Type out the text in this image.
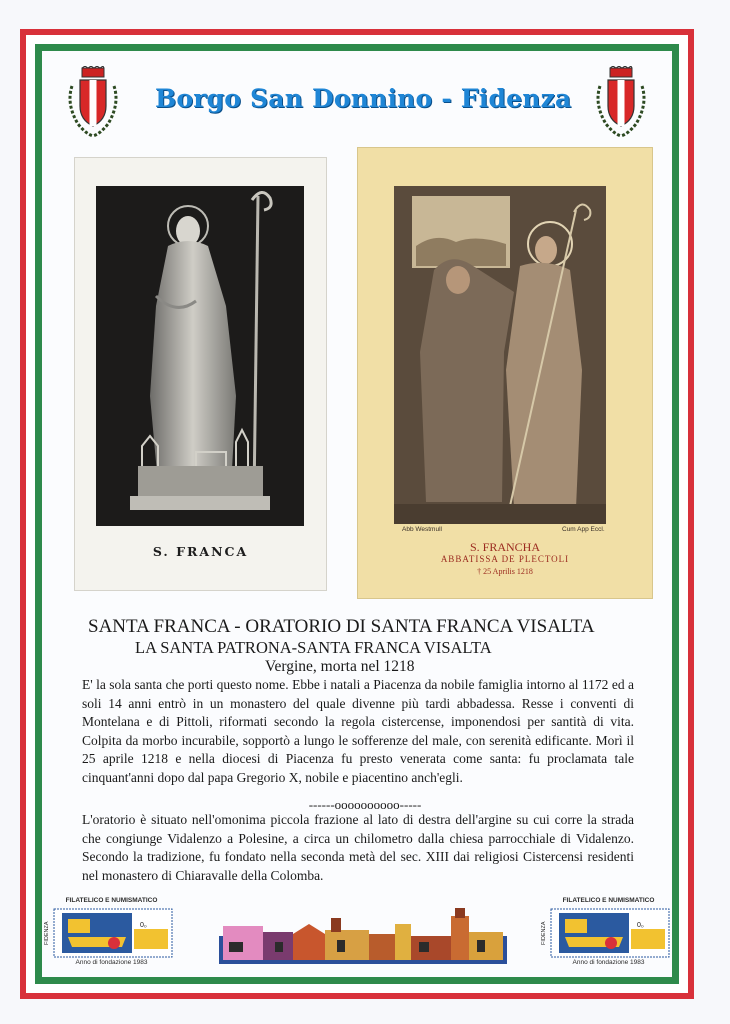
Borgo San Donnino - Fidenza
S. FRANCA
Abb Westmull	Cum App Eccl.
S. FRANCHA
ABBATISSA DE PLECTOLI
† 25 Aprilis 1218
SANTA FRANCA - ORATORIO DI SANTA FRANCA VISALTA
LA SANTA PATRONA-SANTA FRANCA VISALTA
Vergine, morta nel 1218
E' la sola santa che porti questo nome. Ebbe i natali a Piacenza da nobile famiglia intorno al 1172 ed a soli 14 anni entrò in un monastero del quale divenne più tardi abbadessa. Resse i conventi di Montelana e di Pittoli, riformati secondo la regola cistercense, imponendosi per santità di vita. Colpita da morbo incurabile, sopportò a lungo le sofferenze del male, con serenità edificante. Morì il 25 aprile 1218 e nella diocesi di Piacenza fu presto venerata come santa: fu proclamata tale cinquant'anni dopo dal papa Gregorio X, nobile e piacentino anch'egli.
------oooooooooo-----
L'oratorio è situato nell'omonima piccola frazione al lato di destra dell'argine su cui corre la strada che congiunge Vidalenzo a Polesine, a circa un chilometro dalla chiesa parrocchiale di Vidalenzo. Secondo la tradizione, fu fondato nella seconda metà del sec. XIII dai religiosi Cistercensi residenti nel monastero di Chiaravalle della Colomba.
FILATELICO E NUMISMATICO
0₀
FIDENZA
Anno di fondazione 1983
FILATELICO E NUMISMATICO
0₀
FIDENZA
Anno di fondazione 1983
